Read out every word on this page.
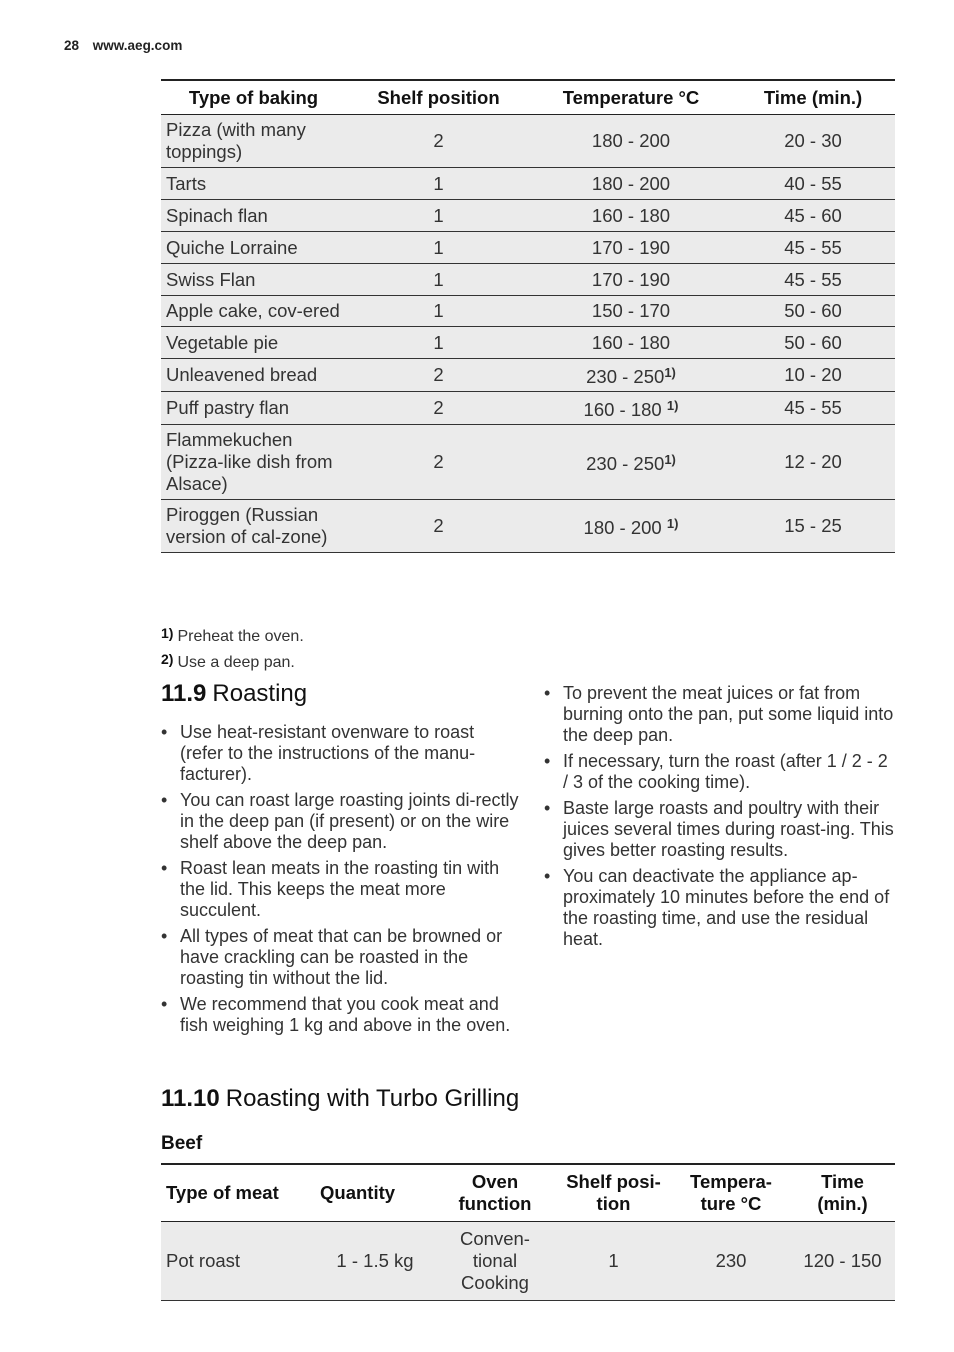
28 www.aeg.com
Type of baking	Shelf position	Temperature °C	Time (min.)
Pizza (with many toppings)	2	180 - 200	20 - 30
Tarts	1	180 - 200	40 - 55
Spinach flan	1	160 - 180	45 - 60
Quiche Lorraine	1	170 - 190	45 - 55
Swiss Flan	1	170 - 190	45 - 55
Apple cake, cov-ered	1	150 - 170	50 - 60
Vegetable pie	1	160 - 180	50 - 60
Unleavened bread	2	230 - 250$^{1)}$	10 - 20
Puff pastry flan	2	160 - 180 $^{1)}$	45 - 55
Flammekuchen (Pizza-like dish from Alsace)	2	230 - 250$^{1)}$	12 - 20
Piroggen (Russian version of cal-zone)	2	180 - 200 $^{1)}$	15 - 25
1) Preheat the oven.
2) Use a deep pan.
11.9 Roasting
• Use heat-resistant ovenware to roast (refer to the instructions of the manu-facturer).
• You can roast large roasting joints di-rectly in the deep pan (if present) or on the wire shelf above the deep pan.
• Roast lean meats in the roasting tin with the lid. This keeps the meat more succulent.
• All types of meat that can be browned or have crackling can be roasted in the roasting tin without the lid.
• We recommend that you cook meat and fish weighing 1 kg and above in the oven.
• To prevent the meat juices or fat from burning onto the pan, put some liquid into the deep pan.
• If necessary, turn the roast (after 1 / 2 - 2 / 3 of the cooking time).
• Baste large roasts and poultry with their juices several times during roast-ing. This gives better roasting results.
• You can deactivate the appliance ap-proximately 10 minutes before the end of the roasting time, and use the residual heat.
11.10 Roasting with Turbo Grilling
Beef
Type of meat	Quantity	Oven function	Shelf posi-tion	Tempera-ture °C	Time (min.)
Pot roast	1 - 1.5 kg	Conven-tional Cooking	1	230	120 - 150
